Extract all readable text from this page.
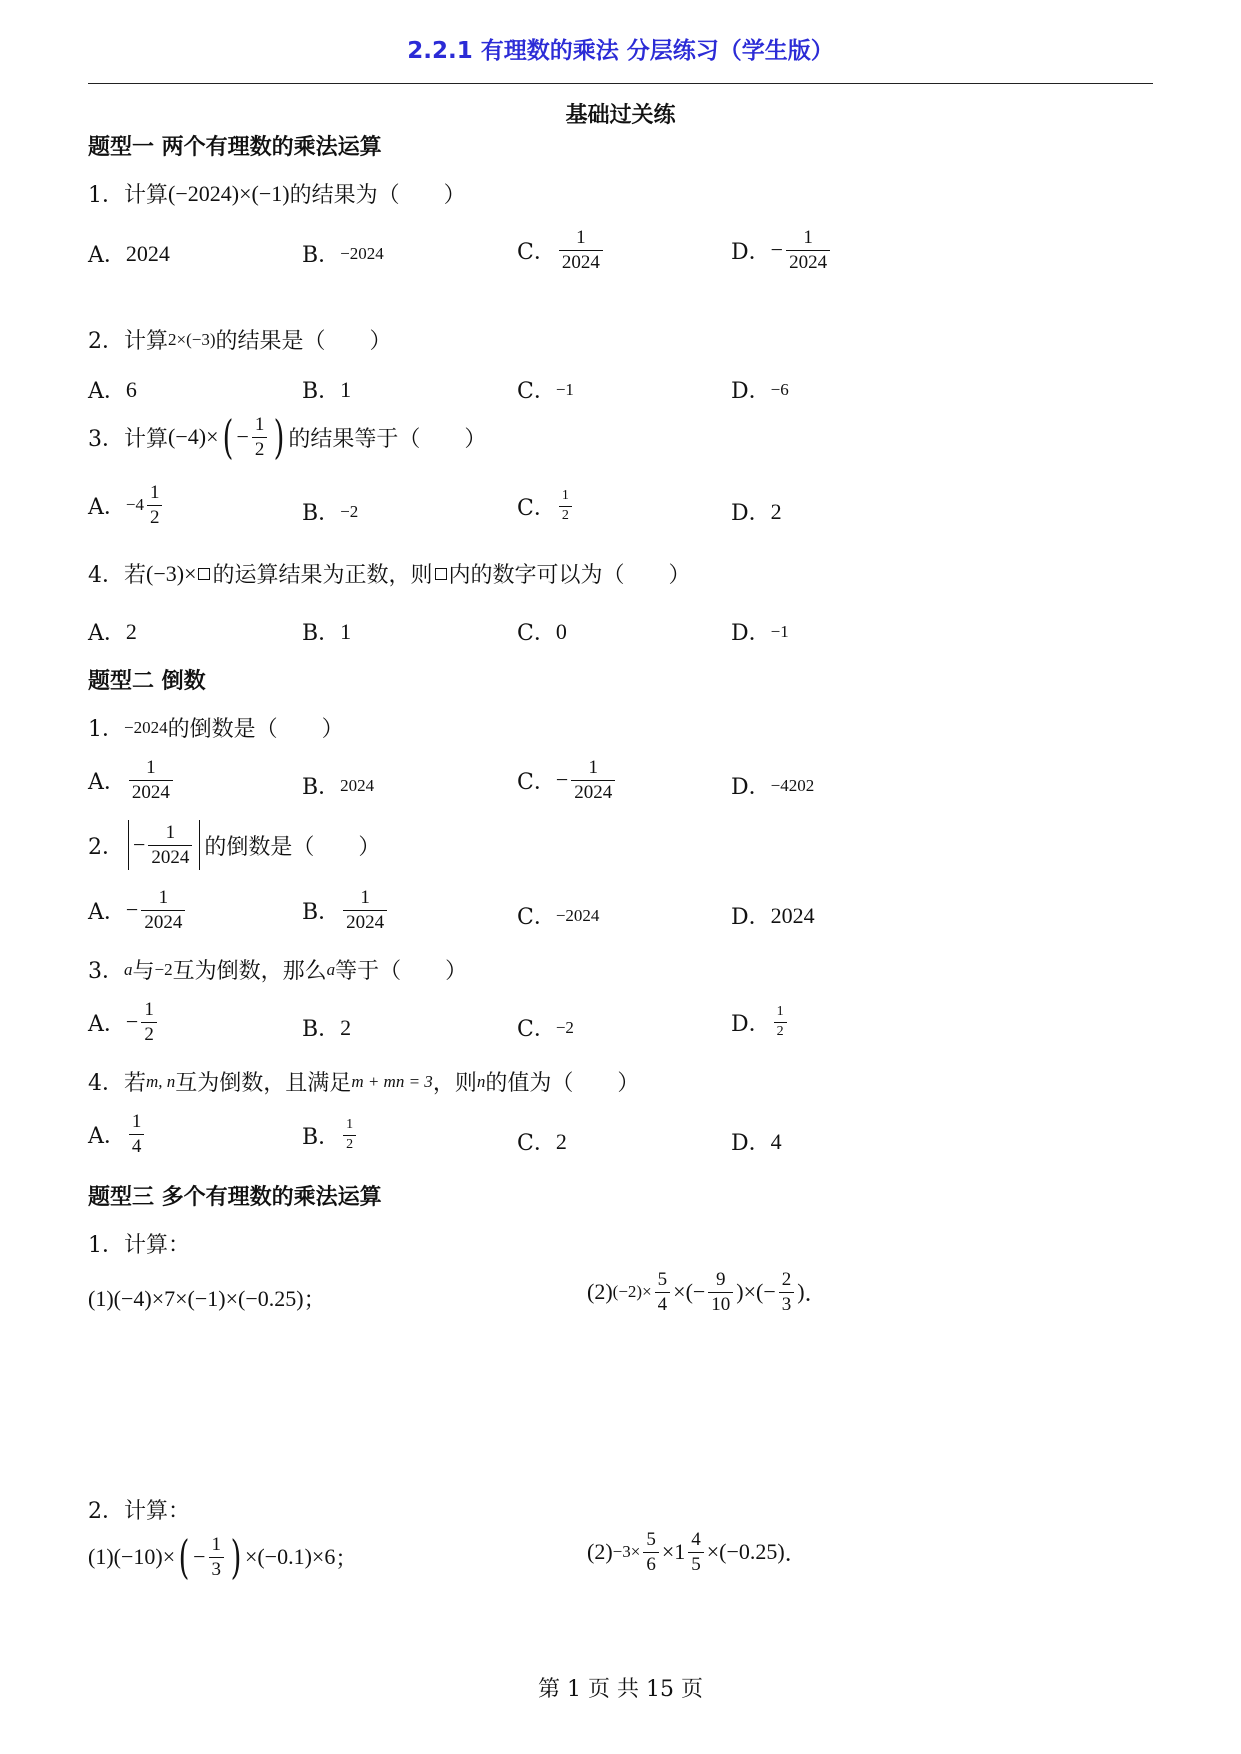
2.2.1 有理数的乘法 分层练习（学生版）
基础过关练
题型一 两个有理数的乘法运算
1． 计算 (−2024)×(−1) 的结果为（　　）
A． 2024	B． −2024	C． $\frac{1}{2024}$	D． − $\frac{1}{2024}$
2． 计算 2×(−3) 的结果是（　　）
A． 6	B． 1	C． −1	D． −6
3． 计算 (−4)× ( − $\frac{1}{2}$ ) 的结果等于（　　）
A． $-4 \frac{1}{2}$	B． −2	C． $\frac{1}{2}$	D． 2
4． 若 (−3)× 的运算结果为正数，则 内的数字可以为（　　）
A． 2	B． 1	C． 0	D． −1
题型二 倒数
1． −2024 的倒数是（　　）
A． $\frac{1}{2024}$	B． 2024	C． − $\frac{1}{2024}$	D． −4202
2． − $\frac{1}{2024}$ 的倒数是（　　）
A． − $\frac{1}{2024}$	B． $\frac{1}{2024}$	C． −2024	D． 2024
3． a 与 −2 互为倒数，那么 a 等于（　　）
A． − $\frac{1}{2}$	B． 2	C． −2	D． $\frac{1}{2}$
4． 若 m, n 互为倒数，且满足 m + mn = 3 ，则 n 的值为（　　）
A． $\frac{1}{4}$	B． $\frac{1}{2}$	C． 2	D． 4
题型三 多个有理数的乘法运算
1．计算：
(1) (−4)×7×(−1)×(−0.25) ；	(2) $(-2)\times \frac{5}{4}$ ×(− $\frac{9}{10}$ )×(− $\frac{2}{3}$ ) ．
2．计算：
(1) (−10)× ( − $\frac{1}{3}$ ) ×(−0.1)×6 ；	$(2) -3\times \frac{5}{6} \times 1 \frac{4}{5} \times(-0.25)$ ．
第 1 页 共 15 页
